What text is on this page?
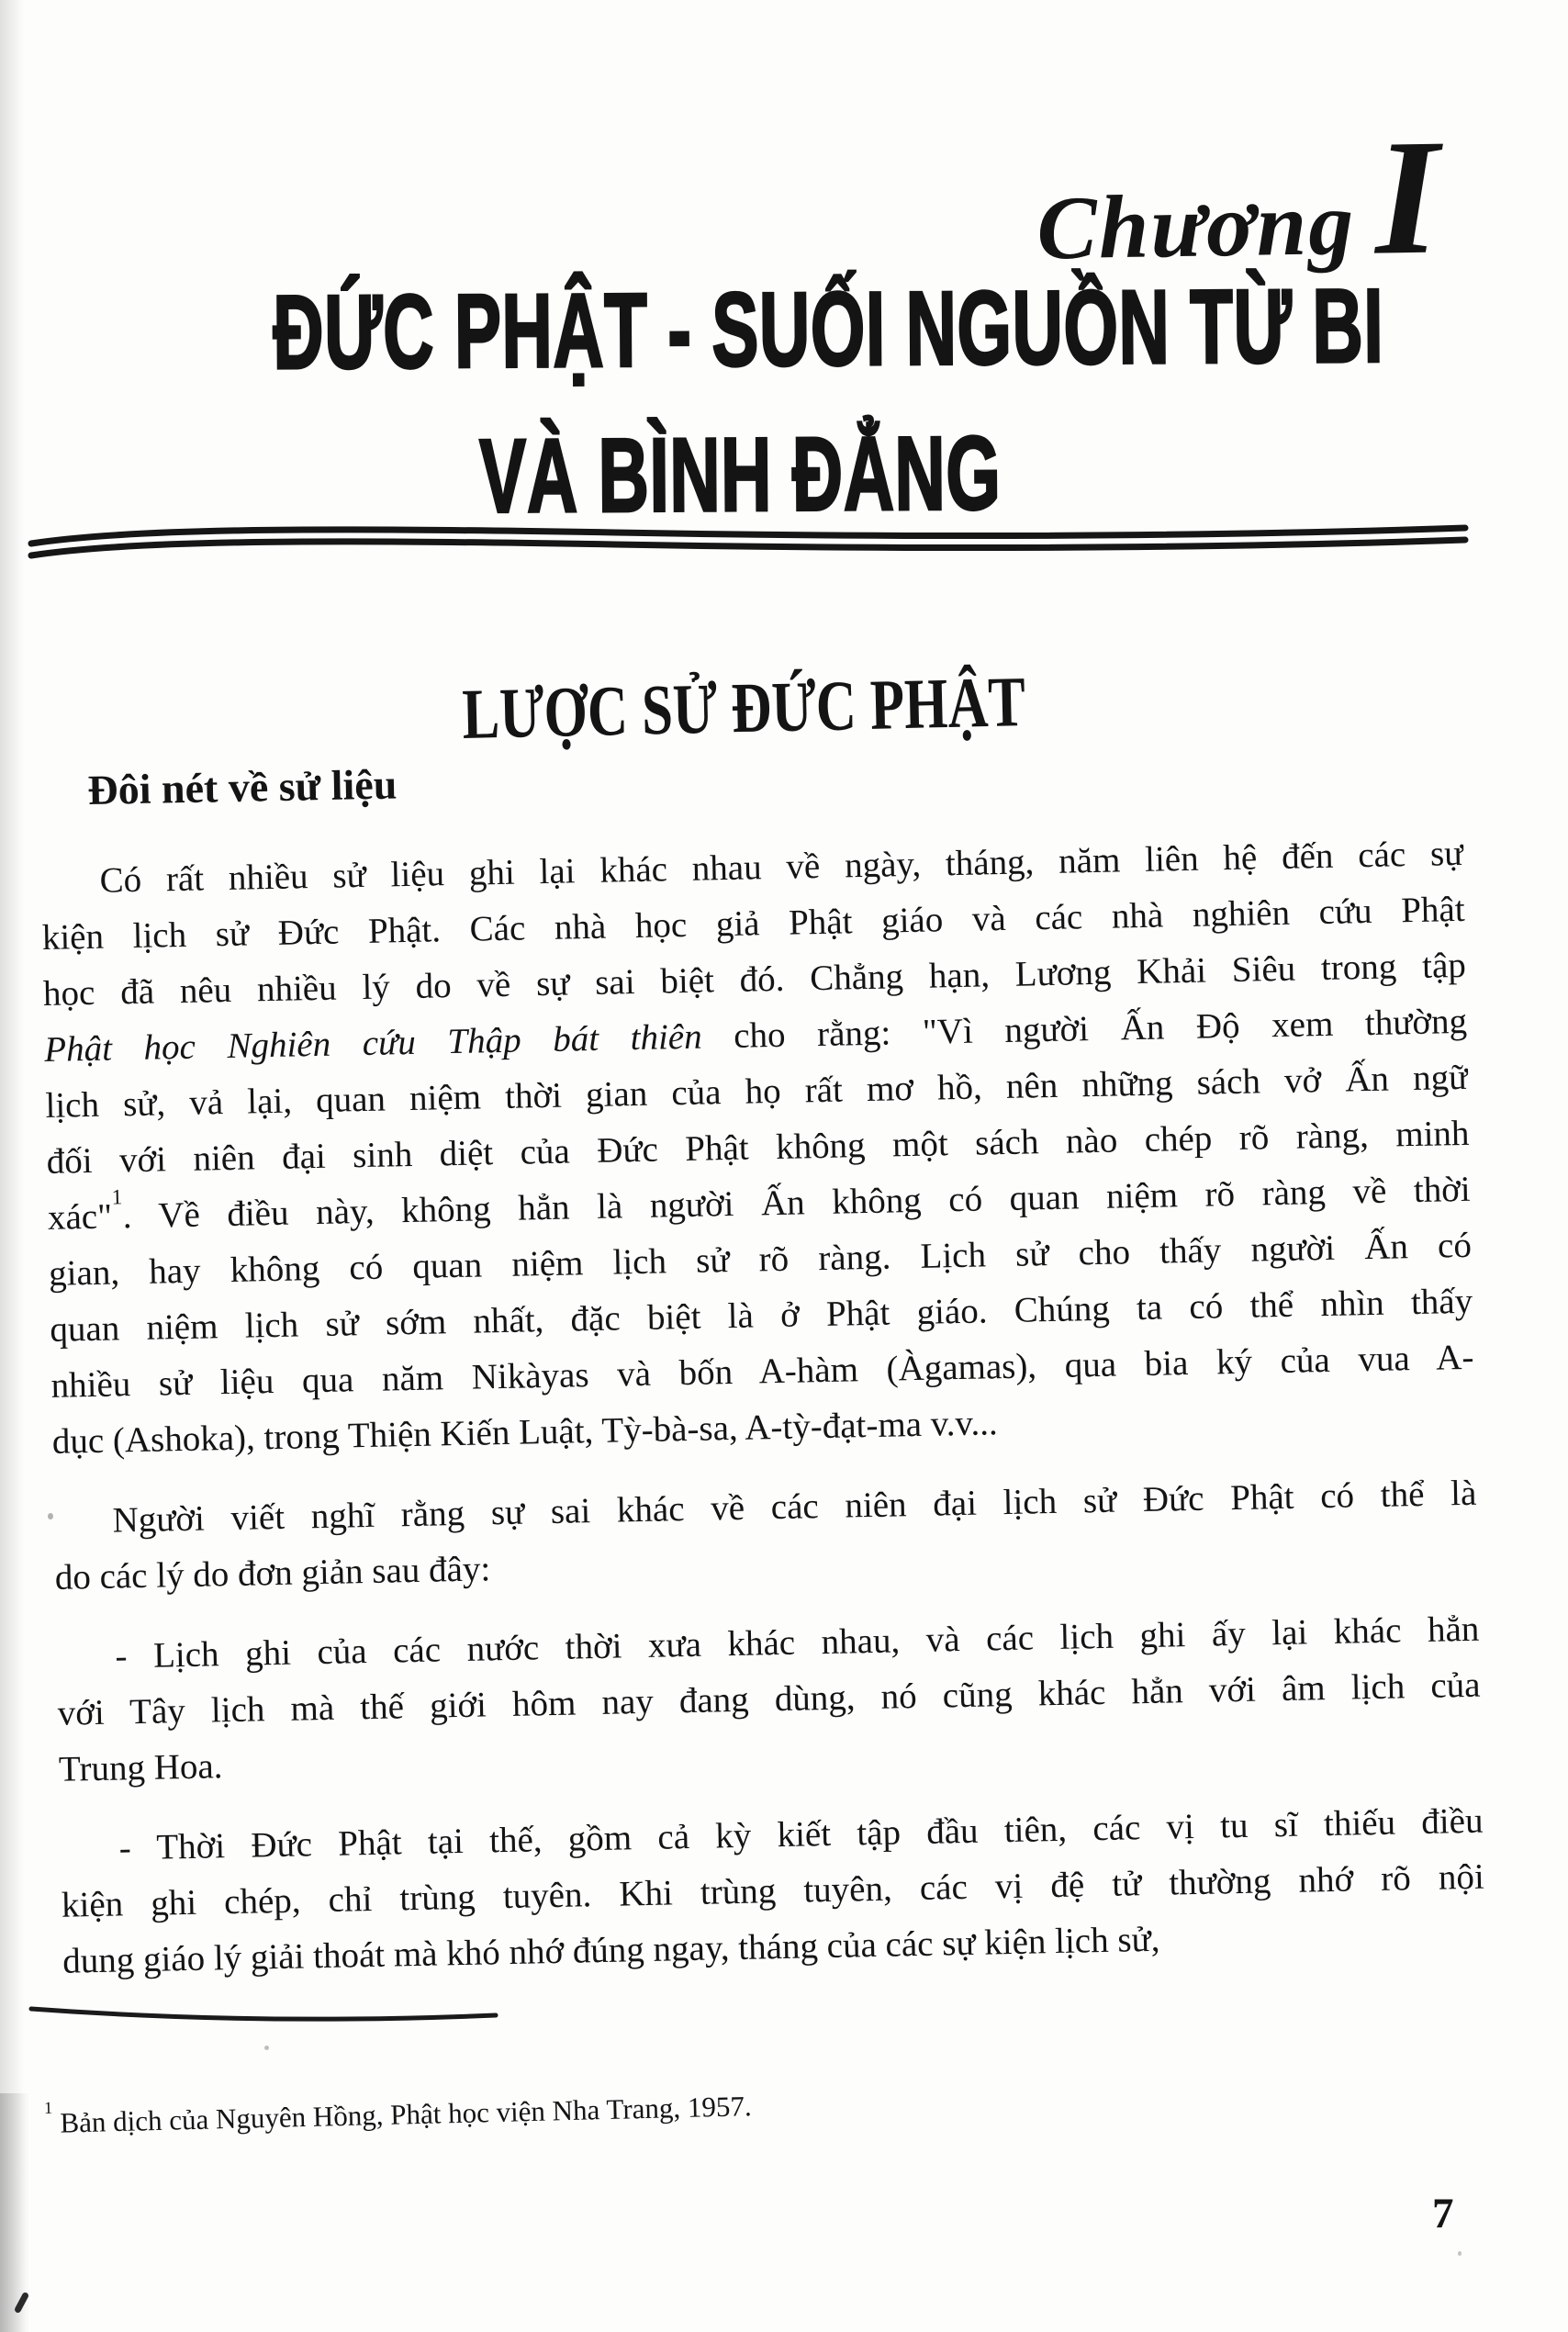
Chương I
ĐỨC PHẬT - SUỐI NGUỒN TỪ BI
VÀ BÌNH ĐẲNG
LƯỢC SỬ ĐỨC PHẬT
Đôi nét về sử liệu
Có rất nhiều sử liệu ghi lại khác nhau về ngày, tháng, năm liên hệ đến các sự
kiện lịch sử Đức Phật. Các nhà học giả Phật giáo và các nhà nghiên cứu Phật
học đã nêu nhiều lý do về sự sai biệt đó. Chẳng hạn, Lương Khải Siêu trong tập
Phật học Nghiên cứu Thập bát thiên cho rằng: "Vì người Ấn Độ xem thường
lịch sử, vả lại, quan niệm thời gian của họ rất mơ hồ, nên những sách vở Ấn ngữ
đối với niên đại sinh diệt của Đức Phật không một sách nào chép rõ ràng, minh
xác"$^1$. Về điều này, không hẳn là người Ấn không có quan niệm rõ ràng về thời
gian, hay không có quan niệm lịch sử rõ ràng. Lịch sử cho thấy người Ấn có
quan niệm lịch sử sớm nhất, đặc biệt là ở Phật giáo. Chúng ta có thể nhìn thấy
nhiều sử liệu qua năm Nikàyas và bốn A-hàm (Àgamas), qua bia ký của vua A-
dục (Ashoka), trong Thiện Kiến Luật, Tỳ-bà-sa, A-tỳ-đạt-ma v.v...
Người viết nghĩ rằng sự sai khác về các niên đại lịch sử Đức Phật có thể là
do các lý do đơn giản sau đây:
- Lịch ghi của các nước thời xưa khác nhau, và các lịch ghi ấy lại khác hẳn
với Tây lịch mà thế giới hôm nay đang dùng, nó cũng khác hẳn với âm lịch của
Trung Hoa.
- Thời Đức Phật tại thế, gồm cả kỳ kiết tập đầu tiên, các vị tu sĩ thiếu điều
kiện ghi chép, chỉ trùng tuyên. Khi trùng tuyên, các vị đệ tử thường nhớ rõ nội
dung giáo lý giải thoát mà khó nhớ đúng ngay, tháng của các sự kiện lịch sử,
$^1$ Bản dịch của Nguyên Hồng, Phật học viện Nha Trang, 1957.
7
